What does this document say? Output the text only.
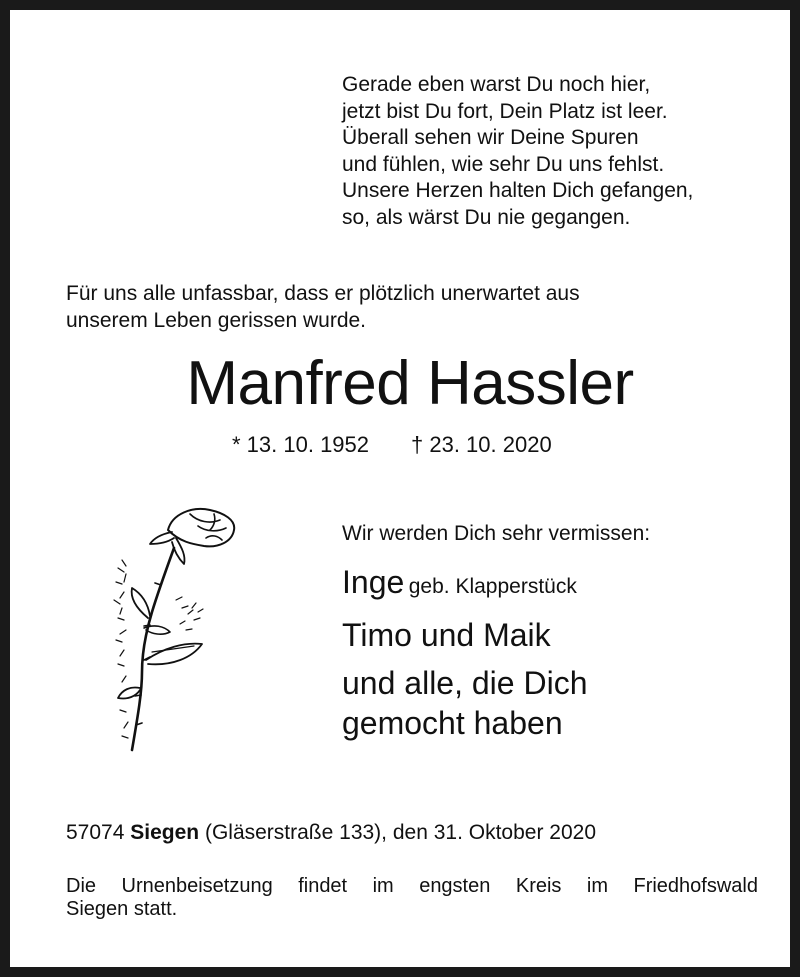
Gerade eben warst Du noch hier,
jetzt bist Du fort, Dein Platz ist leer.
Überall sehen wir Deine Spuren
und fühlen, wie sehr Du uns fehlst.
Unsere Herzen halten Dich gefangen,
so, als wärst Du nie gegangen.
Für uns alle unfassbar, dass er plötzlich unerwartet aus
unserem Leben gerissen wurde.
Manfred Hassler
* 13. 10. 1952 † 23. 10. 2020
Wir werden Dich sehr vermissen:
Inge geb. Klapperstück
Timo und Maik
und alle, die Dich
gemocht haben
57074 Siegen (Gläserstraße 133), den 31. Oktober 2020
Die Urnenbeisetzung findet im engsten Kreis im Friedhofswald
Siegen statt.
